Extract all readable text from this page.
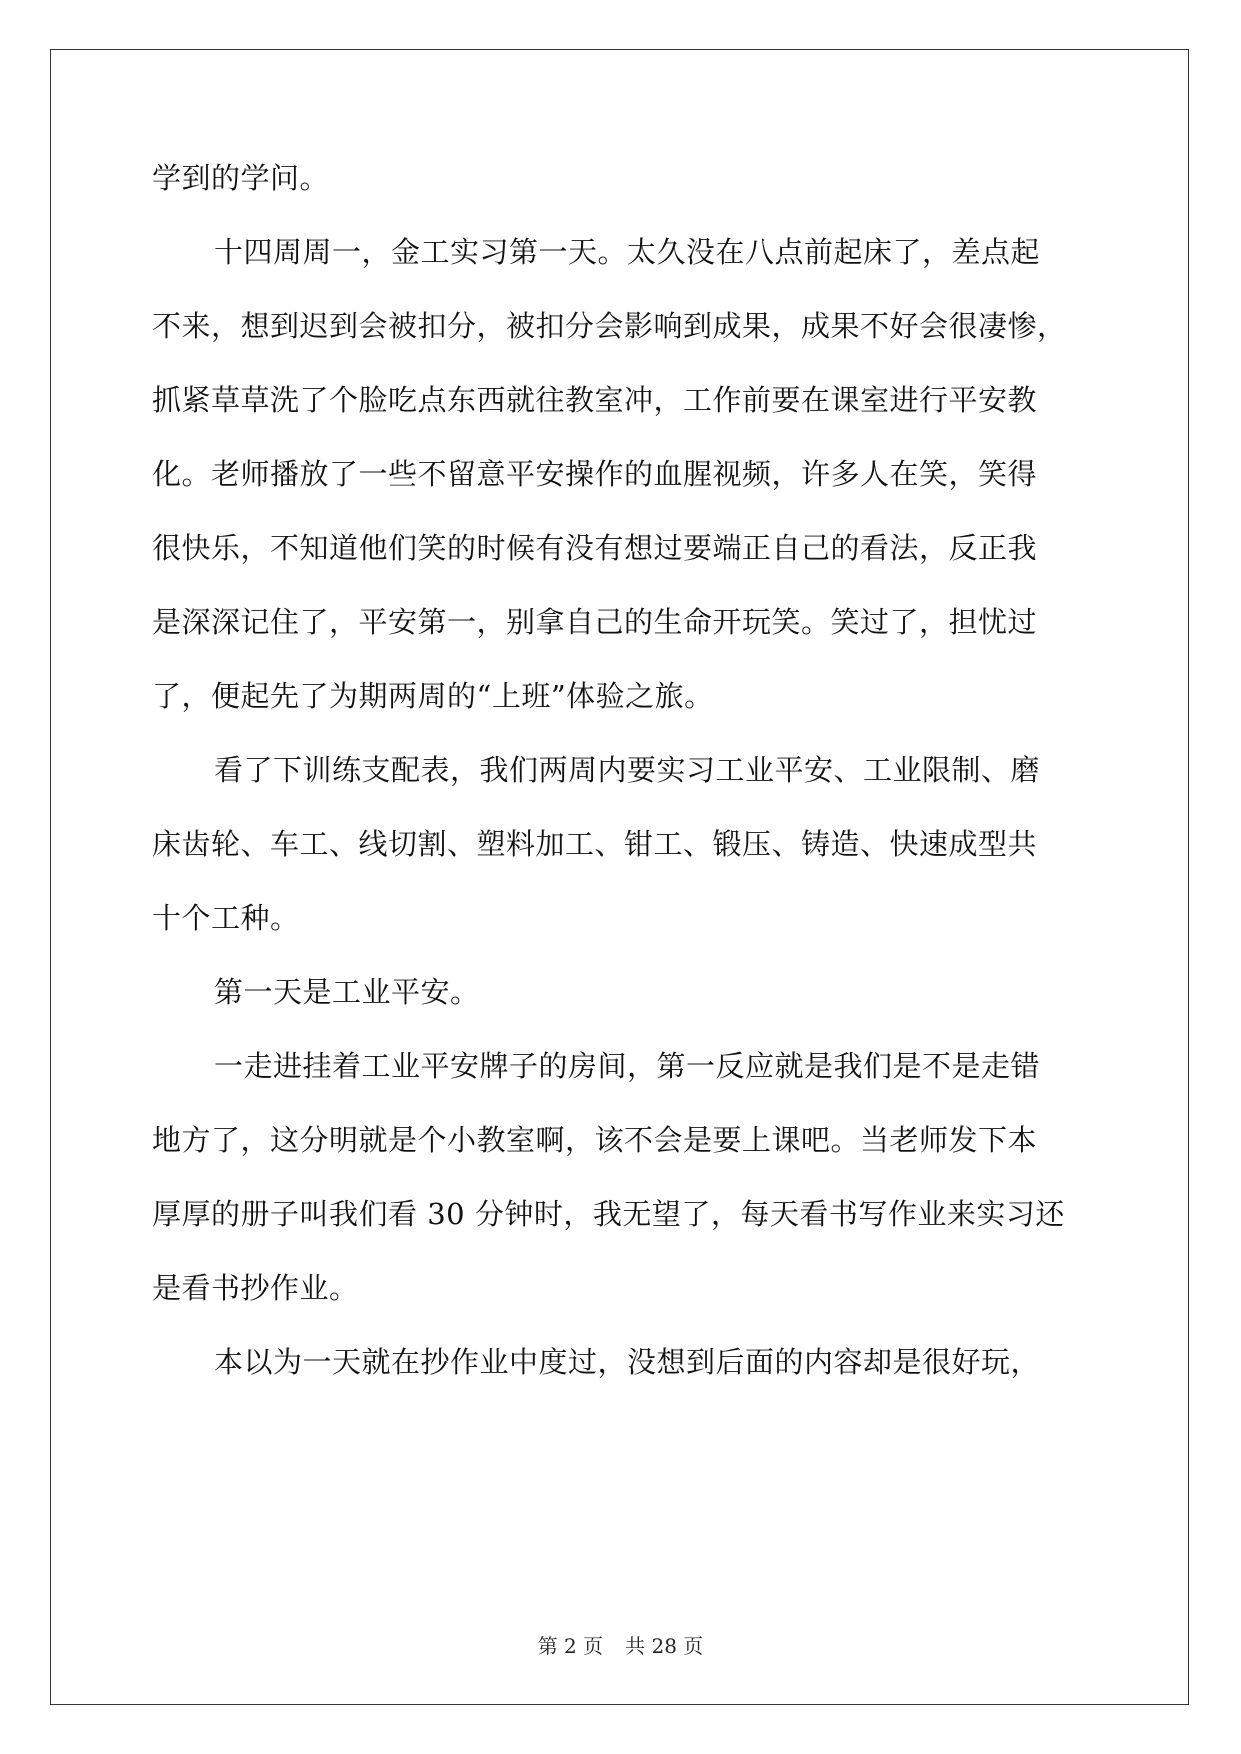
学到的学问。
十四周周一，金工实习第一天。太久没在八点前起床了，差点起
不来，想到迟到会被扣分，被扣分会影响到成果，成果不好会很凄惨，
抓紧草草洗了个脸吃点东西就往教室冲，工作前要在课室进行平安教
化。老师播放了一些不留意平安操作的血腥视频，许多人在笑，笑得
很快乐，不知道他们笑的时候有没有想过要端正自己的看法，反正我
是深深记住了，平安第一，别拿自己的生命开玩笑。笑过了，担忧过
了，便起先了为期两周的“上班”体验之旅。
看了下训练支配表，我们两周内要实习工业平安、工业限制、磨
床齿轮、车工、线切割、塑料加工、钳工、锻压、铸造、快速成型共
十个工种。
第一天是工业平安。
一走进挂着工业平安牌子的房间，第一反应就是我们是不是走错
地方了，这分明就是个小教室啊，该不会是要上课吧。当老师发下本
厚厚的册子叫我们看 30 分钟时，我无望了，每天看书写作业来实习还
是看书抄作业。
本以为一天就在抄作业中度过，没想到后面的内容却是很好玩，
第 2 页 共 28 页
